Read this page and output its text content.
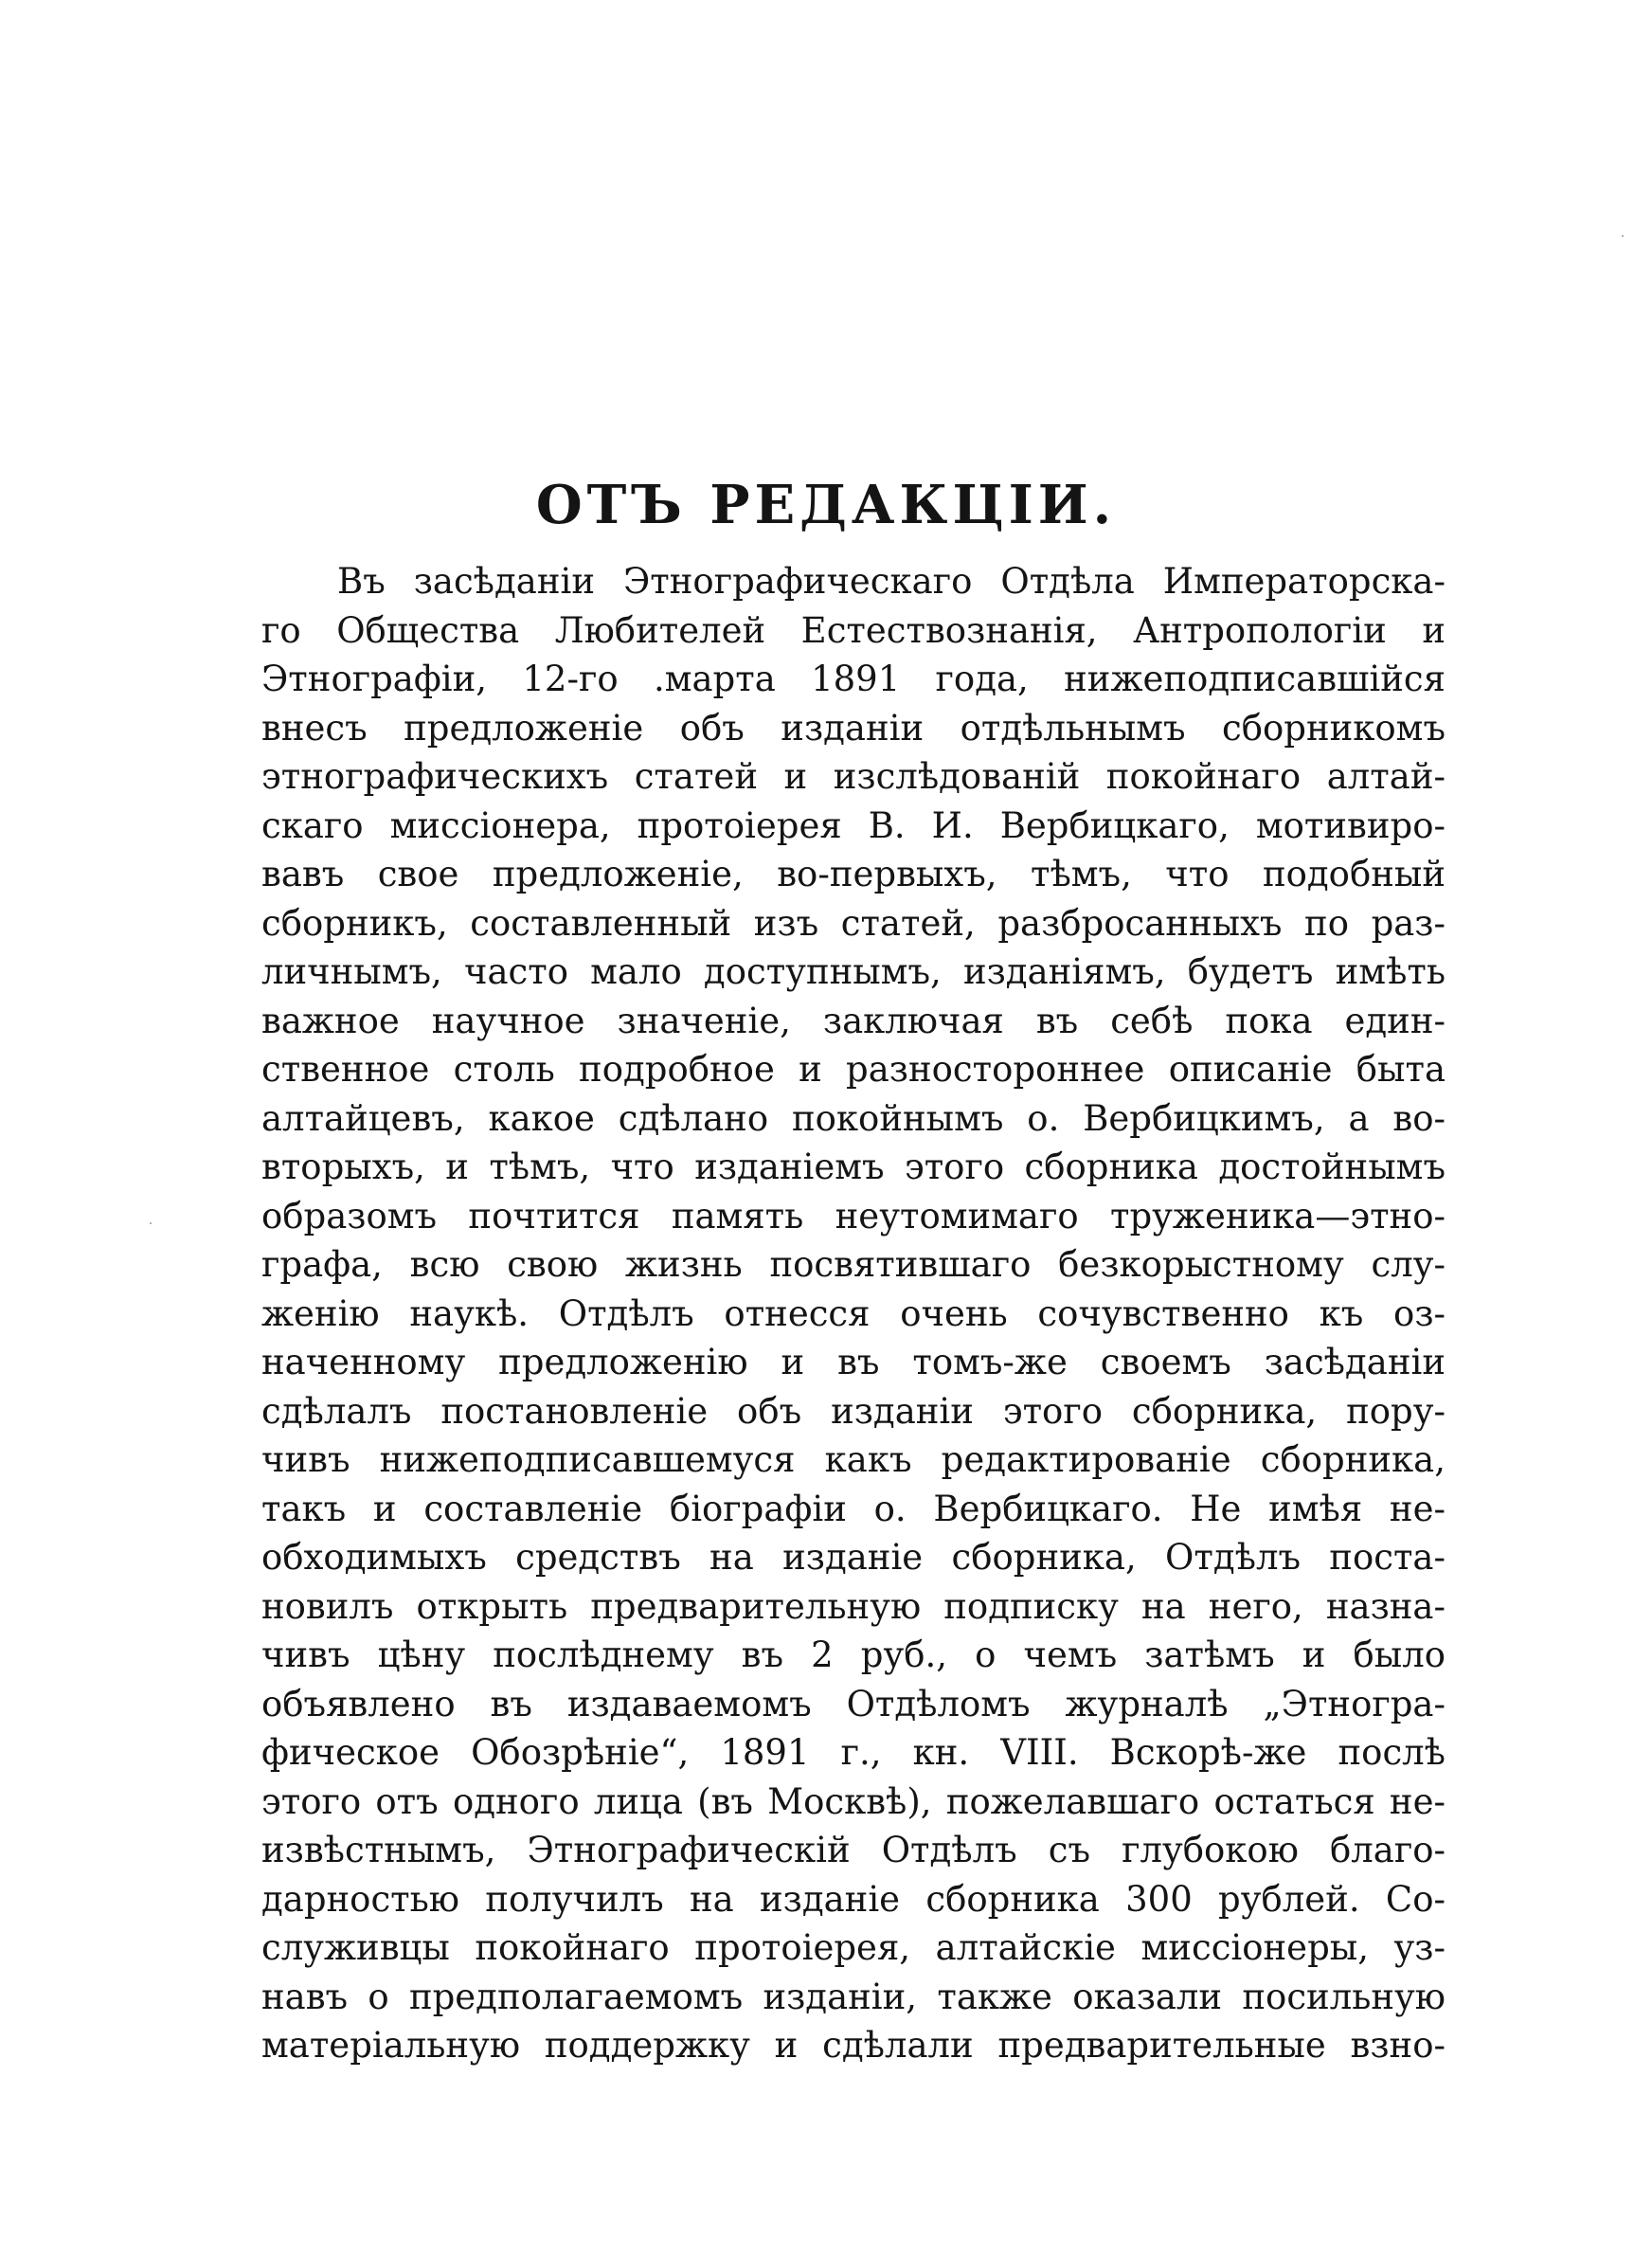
ОТЪ РЕДАКЦІИ.
Въ засѣданіи Этнографическаго Отдѣла Императорска-
го Общества Любителей Естествознанія, Антропологіи и
Этнографіи, 12-го .марта 1891 года, нижеподписавшійся
внесъ предложеніе объ изданіи отдѣльнымъ сборникомъ
этнографическихъ статей и изслѣдованій покойнаго алтай-
скаго миссіонера, протоіерея В. И. Вербицкаго, мотивиро-
вавъ свое предложеніе, во-первыхъ, тѣмъ, что подобный
сборникъ, составленный изъ статей, разбросанныхъ по раз-
личнымъ, часто мало доступнымъ, изданіямъ, будетъ имѣть
важное научное значеніе, заключая въ себѣ пока един-
ственное столь подробное и разностороннее описаніе быта
алтайцевъ, какое сдѣлано покойнымъ о. Вербицкимъ, а во-
вторыхъ, и тѣмъ, что изданіемъ этого сборника достойнымъ
образомъ почтится память неутомимаго труженика—этно-
графа, всю свою жизнь посвятившаго безкорыстному слу-
женію наукѣ. Отдѣлъ отнесся очень сочувственно къ оз-
наченному предложенію и въ томъ-же своемъ засѣданіи
сдѣлалъ постановленіе объ изданіи этого сборника, пору-
чивъ нижеподписавшемуся какъ редактированіе сборника,
такъ и составленіе біографіи о. Вербицкаго. Не имѣя не-
обходимыхъ средствъ на изданіе сборника, Отдѣлъ поста-
новилъ открыть предварительную подписку на него, назна-
чивъ цѣну послѣднему въ 2 руб., о чемъ затѣмъ и было
объявлено въ издаваемомъ Отдѣломъ журналѣ „Этногра-
фическое Обозрѣніе“, 1891 г., кн. VIII. Вскорѣ-же послѣ
этого отъ одного лица (въ Москвѣ), пожелавшаго остаться не-
извѣстнымъ, Этнографическій Отдѣлъ съ глубокою благо-
дарностью получилъ на изданіе сборника 300 рублей. Со-
служивцы покойнаго протоіерея, алтайскіе миссіонеры, уз-
навъ о предполагаемомъ изданіи, также оказали посильную
матеріальную поддержку и сдѣлали предварительные взно-
